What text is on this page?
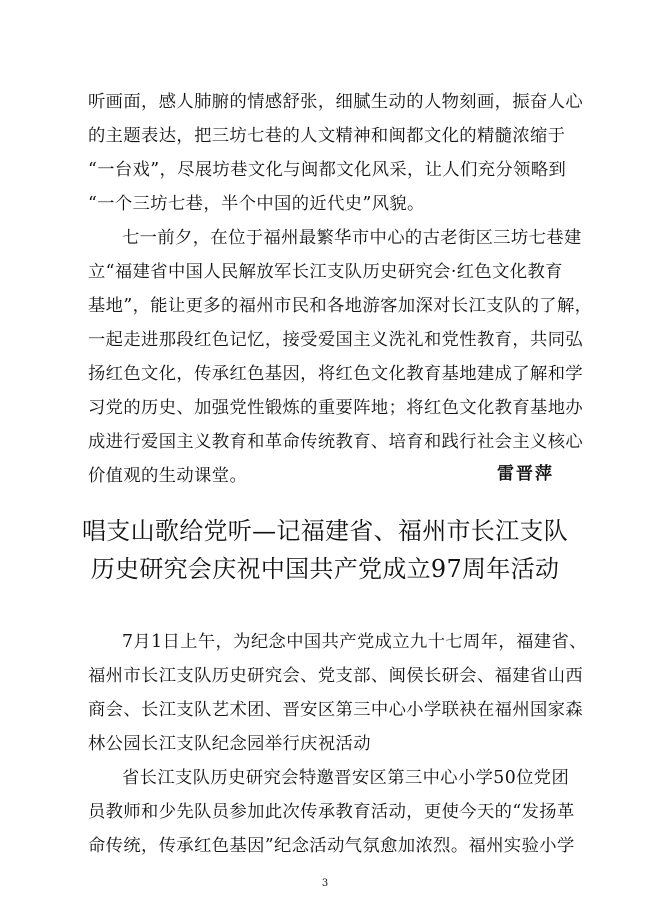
听画面，感人肺腑的情感舒张，细腻生动的人物刻画，振奋人心
的主题表达，把三坊七巷的人文精神和闽都文化的精髓浓缩于
“一台戏”，尽展坊巷文化与闽都文化风采，让人们充分领略到
“一个三坊七巷，半个中国的近代史”风貌。
七一前夕，在位于福州最繁华市中心的古老街区三坊七巷建
立“福建省中国人民解放军长江支队历史研究会·红色文化教育
基地”，能让更多的福州市民和各地游客加深对长江支队的了解，
一起走进那段红色记忆，接受爱国主义洗礼和党性教育，共同弘
扬红色文化，传承红色基因，将红色文化教育基地建成了解和学
习党的历史、加强党性锻炼的重要阵地；将红色文化教育基地办
成进行爱国主义教育和革命传统教育、培育和践行社会主义核心
价值观的生动课堂。	雷晋萍
唱支山歌给党听—记福建省、福州市长江支队
历史研究会庆祝中国共产党成立97周年活动
7月1日上午，为纪念中国共产党成立九十七周年，福建省、
福州市长江支队历史研究会、党支部、闽侯长研会、福建省山西
商会、长江支队艺术团、晋安区第三中心小学联袂在福州国家森
林公园长江支队纪念园举行庆祝活动
省长江支队历史研究会特邀晋安区第三中心小学50位党团
员教师和少先队员参加此次传承教育活动，更使今天的“发扬革
命传统，传承红色基因”纪念活动气氛愈加浓烈。福州实验小学
3
